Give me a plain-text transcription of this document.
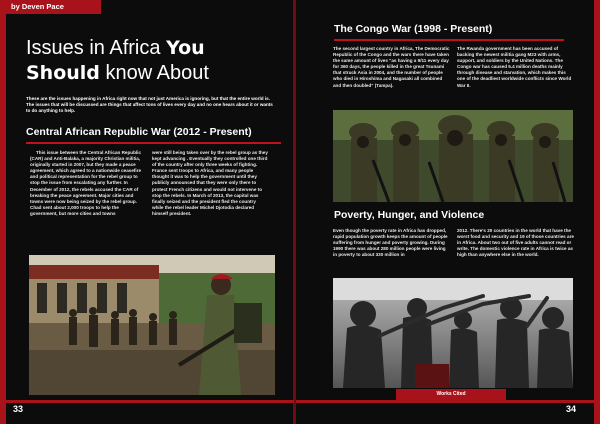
by Deven Pace
Issues in Africa You
Should know About

These are the issues happening in Africa right now that not just America is ignoring, but that the entire world is. The issues that will be discussed are things that affect tons of lives every day and no one hears about it or wants to do anything to help.

Central African Republic War (2012 - Present)

This issue between the Central African Republic (CAR) and Anti-Balaka, a majority Christian militia, originally started in 2007, but they made a peace agreement, which agreed to a nationwide ceasefire and political representation for the rebel group to stop the issue from escalating any further. In December of 2012, the rebels accused the CAR of breaking the peace agreement. Major cities and towns were now being seized by the rebel group. Chad sent about 2,000 troops to help the government, but more cities and towns

were still being taken over by the rebel group as they kept advancing . Eventually they controlled one third of the country after only three weeks of fighting. France sent troops to Africa, and many people thought it was to help the government until they publicly announced that they were only there to protect French citizens and would not intervene to stop the rebels. In March of 2013, the capital was finally seized and the president fled the country while the rebel leader Michel Djotodia declared himself president.

The Congo War (1998 - Present)

The second largest country in Africa, The Democratic Republic of the Congo and the wars there have taken the same amount of lives "as having a 9/11 every day for 360 days, the people killed in the great Tsunami that struck Asia in 2004, and the number of people who died in Hiroshima and Nagasaki all combined and then doubled" (Tampa).

The Rwanda government has been accused of backing the newest militia gang M23 with arms, support, and soldiers by the United Nations. The Congo war has caused 5.4 million deaths mainly through disease and starvation, which makes this one of the deadliest worldwide conflicts since World War II.

Poverty, Hunger, and Violence

Even though the poverty rate in Africa has dropped, rapid population growth keeps the amount of people suffering from hunger and poverty growing. During 1990 there was about 280 million people were living in poverty to about 330 million in

2012. There's 20 countries in the world that have the worst food and security and 19 of those countries are in Africa. About two out of five adults cannot read or write. The domestic violence rate in Africa is twice as high than anywhere else in the world.

Works Cited
33	34
